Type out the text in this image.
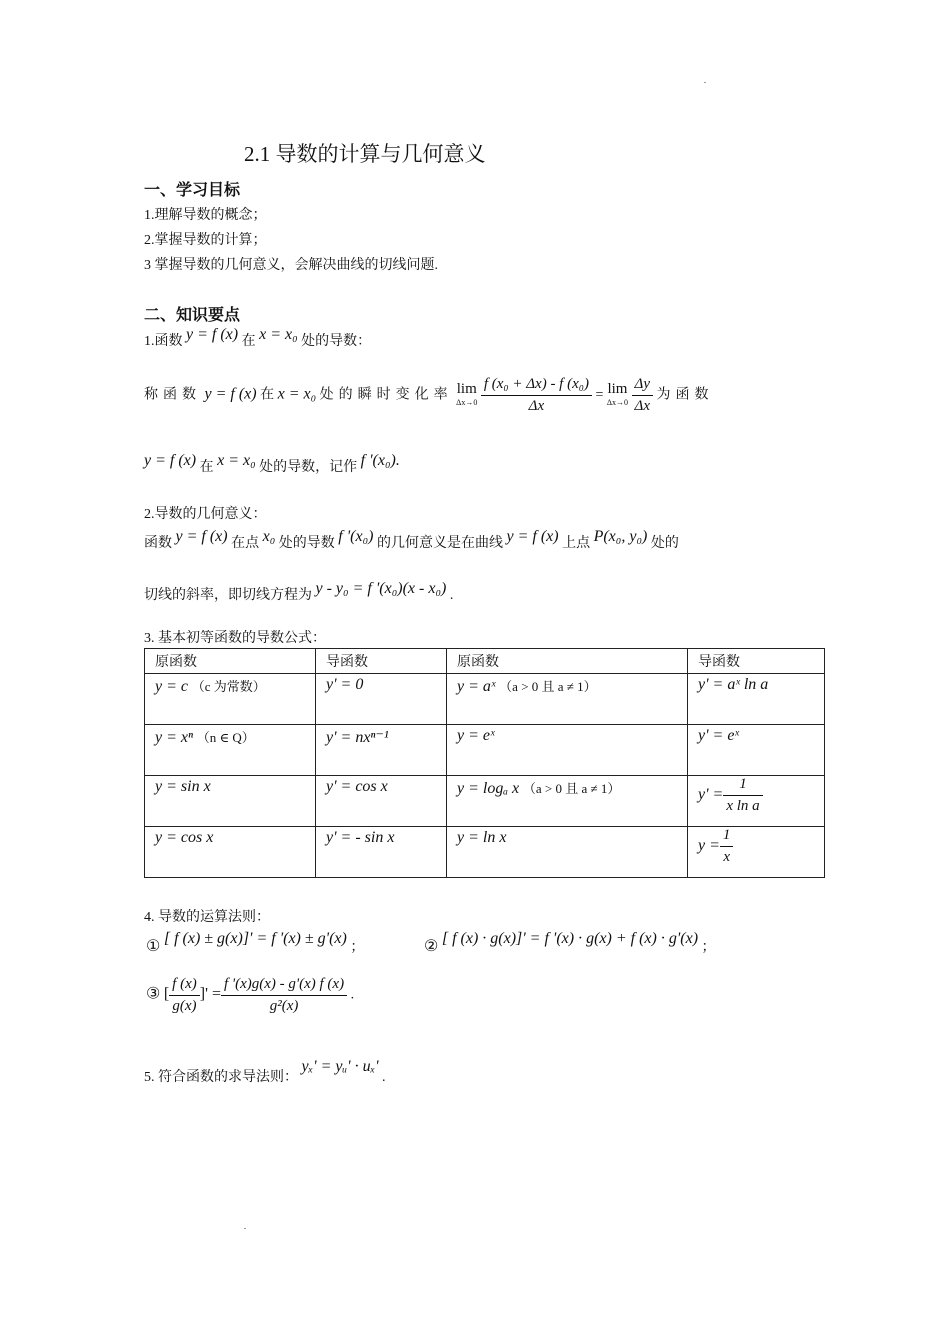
2.1 导数的计算与几何意义
一、学习目标
1.理解导数的概念；
2.掌握导数的计算；
3 掌握导数的几何意义，会解决曲线的切线问题.
二、知识要点
1.函数 y = f (x) 在 x = x₀ 处的导数：
称函数 y = f (x) 在 x = x₀ 处的瞬时变化率 lim
Δx→0
$\frac{\text{f (x₀ + Δx) - f (x₀)}}{\Delta x} = \lim$
Δx→0
$\frac{\Delta y}{\Delta x}$ 为函数
y = f (x) 在 x = x₀ 处的导数，记作 f '(x₀).
2.导数的几何意义：
函数 y = f (x) 在点 x₀ 处的导数 f '(x₀) 的几何意义是在曲线 y = f (x) 上点 P(x₀, y₀) 处的
切线的斜率，即切线方程为 y - y₀ = f '(x₀)(x - x₀) .
3. 基本初等函数的导数公式：
原函数	导函数	原函数	导函数
y = c （c 为常数）	y' = 0	y = aˣ （a > 0 且 a ≠ 1）	y' = aˣ ln a
y = xⁿ （n ∈ Q）	y' = nxⁿ⁻¹	y = eˣ	y' = eˣ
y = sin x	y' = cos x	y = logₐ x （a > 0 且 a ≠ 1）	$y' = \frac{1}{\text{x ln a}}$

y = cos x	y' = - sin x	y = ln x	$y = \frac{1}{x}$
4. 导数的运算法则：
① [ f (x) ± g(x)]' = f '(x) ± g'(x) ；	② [ f (x) · g(x)]' = f '(x) · g(x) + f (x) · g'(x) ；
③ [ $\frac{f (x)}{g(x)}$ ]' = $\frac{f '(x)g(x) - g'(x) f (x)}{\text{g²(x)}}$ .
5. 符合函数的求导法则： yₓ' = yᵤ' · uₓ' .
